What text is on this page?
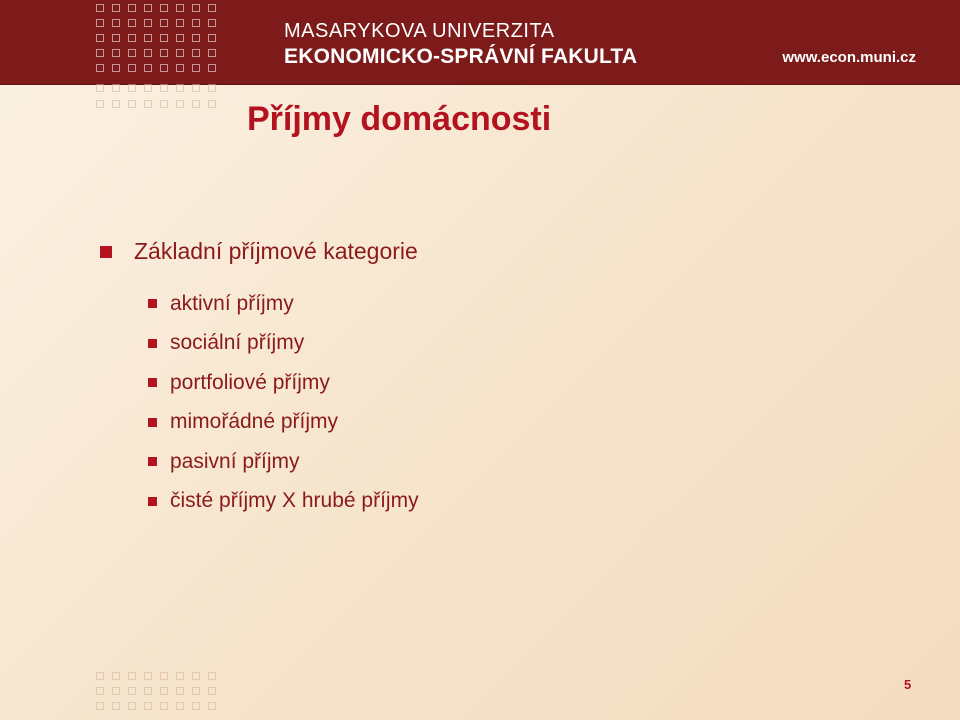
MASARYKOVA UNIVERZITA
EKONOMICKO-SPRÁVNÍ FAKULTA	www.econ.muni.cz
Příjmy domácnosti
Základní příjmové kategorie
aktivní příjmy
sociální příjmy
portfoliové příjmy
mimořádné příjmy
pasivní příjmy
čisté příjmy X hrubé příjmy
5
